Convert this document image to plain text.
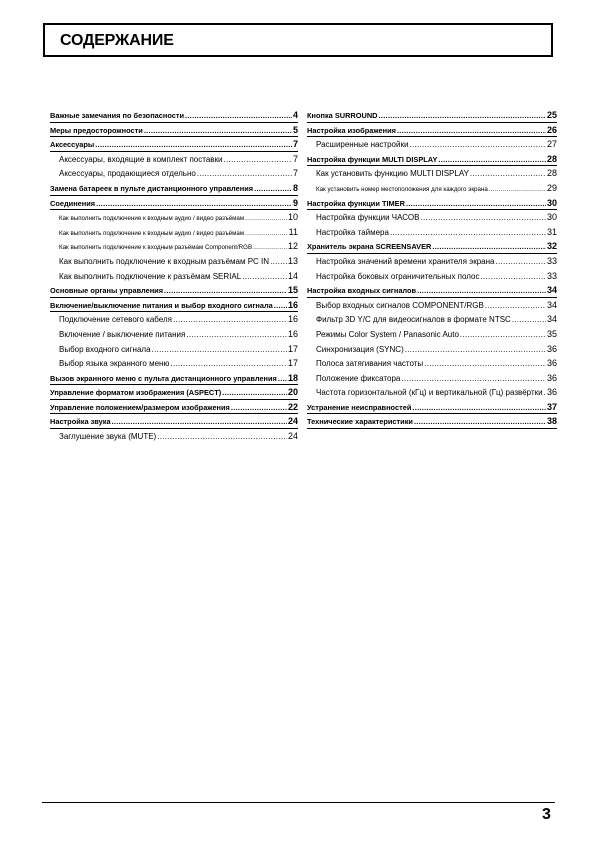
СОДЕРЖАНИЕ
Важные замечания по безопасности .....	4
Меры предосторожности .....	5
Аксессуары .....	7
Аксессуары, входящие в комплект поставки .....	7
Аксессуары, продающиеся отдельно .....	7
Замена батареек в пульте дистанционного управления .....	8
Соединения .....	9
Как выполнить подключение к входным аудио / видео разъёмам .....	10
Как выполнить подключение к входным аудио / видео разъёмам .....	11
Как выполнить подключение к входным разъёмам Component/RGB .....	12
Как выполнить подключение к входным разъёмам PC IN ..... 13
Как выполнить подключение к разъёмам SERIAL .....	14
Основные органы управления .....	15
Включение/выключение питания и выбор входного сигнала ..... 16
Подключение сетевого кабеля .....	16
Включение / выключение питания .....	16
Выбор входного сигнала .....	17
Выбор языка экранного меню .....	17
Вызов экранного меню с пульта дистанционного управления ..... 18
Управление форматом изображения (ASPECT) .....	20
Управление положением/размером изображения .....	22
Настройка звука .....	24
Заглушение звука (MUTE) .....	24
Кнопка SURROUND .....	25
Настройка изображения .....	26
Расширенные настройки .....	27
Настройка функции MULTI DISPLAY .....	28
Как установить функцию MULTI DISPLAY .....	28
Как установить номер местоположения для каждого экрана .....	29
Настройка функции TIMER .....	30
Настройка функции ЧАСОВ .....	30
Настройка таймера .....	31
Хранитель экрана SCREENSAVER .....	32
Настройка значений времени хранителя экрана .....	33
Настройка боковых ограничительных полос .....	33
Настройка входных сигналов .....	34
Выбор входных сигналов COMPONENT/RGB .....	34
Фильтр 3D Y/C для видеосигналов в формате NTSC .....	34
Режимы Color System / Panasonic Auto .....	35
Синхронизация (SYNC) .....	36
Полоса затягивания частоты .....	36
Положение фиксатора .....	36
Частота горизонтальной (кГц) и вертикальной (Гц) развёртки ..... 36
Устранение неисправностей .....	37
Технические характеристики .....	38
3
